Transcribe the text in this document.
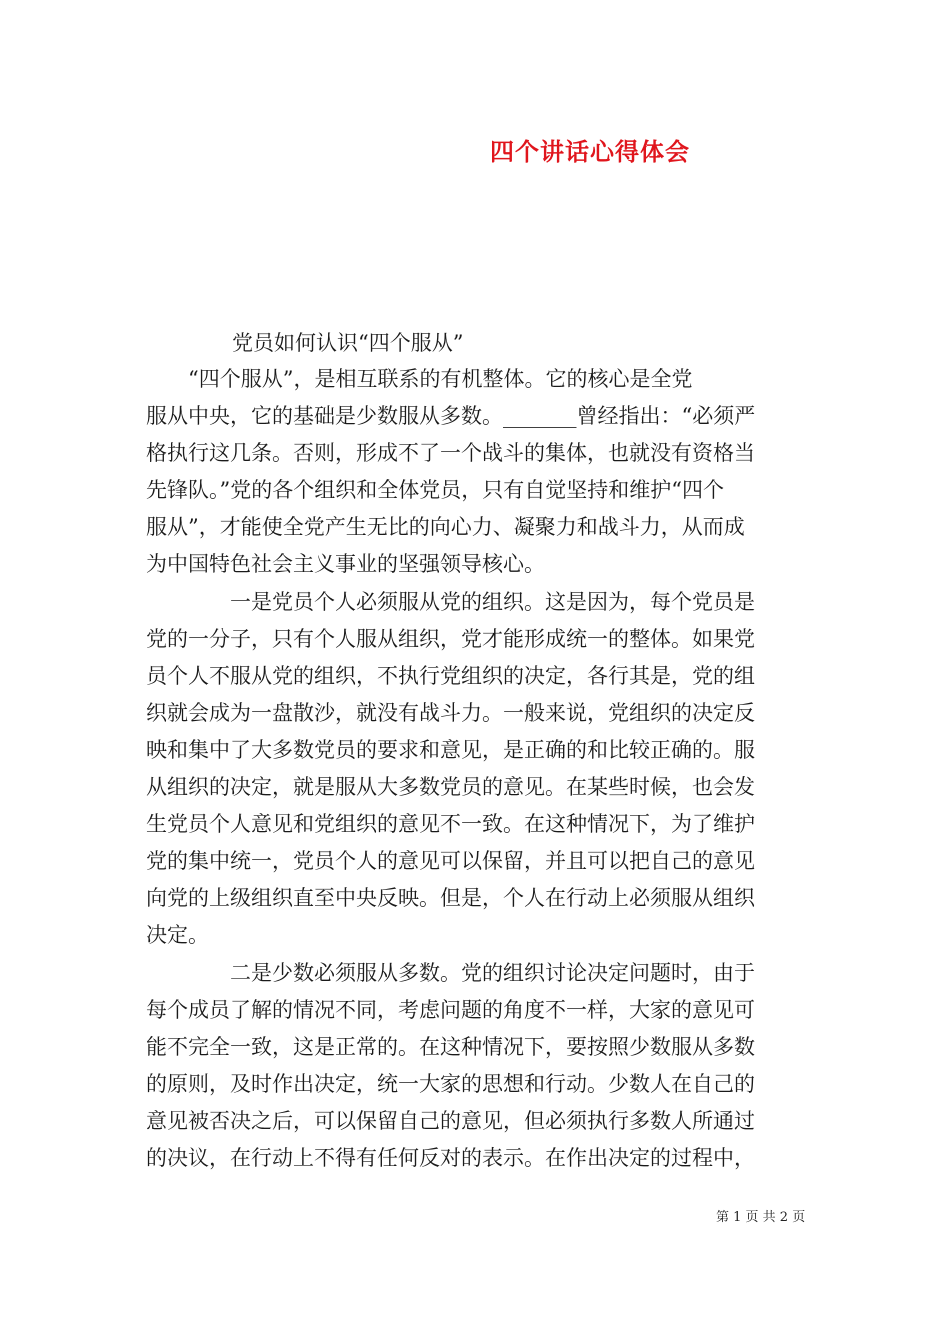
四个讲话心得体会
党员如何认识“四个服从”
　　“四个服从”，是相互联系的有机整体。它的核心是全党
服从中央，它的基础是少数服从多数。_______曾经指出：“必须严
格执行这几条。否则，形成不了一个战斗的集体，也就没有资格当
先锋队。”党的各个组织和全体党员，只有自觉坚持和维护“四个
服从”，才能使全党产生无比的向心力、凝聚力和战斗力，从而成
为中国特色社会主义事业的坚强领导核心。
　　　　一是党员个人必须服从党的组织。这是因为，每个党员是
党的一分子，只有个人服从组织，党才能形成统一的整体。如果党
员个人不服从党的组织，不执行党组织的决定，各行其是，党的组
织就会成为一盘散沙，就没有战斗力。一般来说，党组织的决定反
映和集中了大多数党员的要求和意见，是正确的和比较正确的。服
从组织的决定，就是服从大多数党员的意见。在某些时候，也会发
生党员个人意见和党组织的意见不一致。在这种情况下，为了维护
党的集中统一，党员个人的意见可以保留，并且可以把自己的意见
向党的上级组织直至中央反映。但是，个人在行动上必须服从组织
决定。
　　　　二是少数必须服从多数。党的组织讨论决定问题时，由于
每个成员了解的情况不同，考虑问题的角度不一样，大家的意见可
能不完全一致，这是正常的。在这种情况下，要按照少数服从多数
的原则，及时作出决定，统一大家的思想和行动。少数人在自己的
意见被否决之后，可以保留自己的意见，但必须执行多数人所通过
的决议，在行动上不得有任何反对的表示。在作出决定的过程中，
第 1 页 共 2 页
